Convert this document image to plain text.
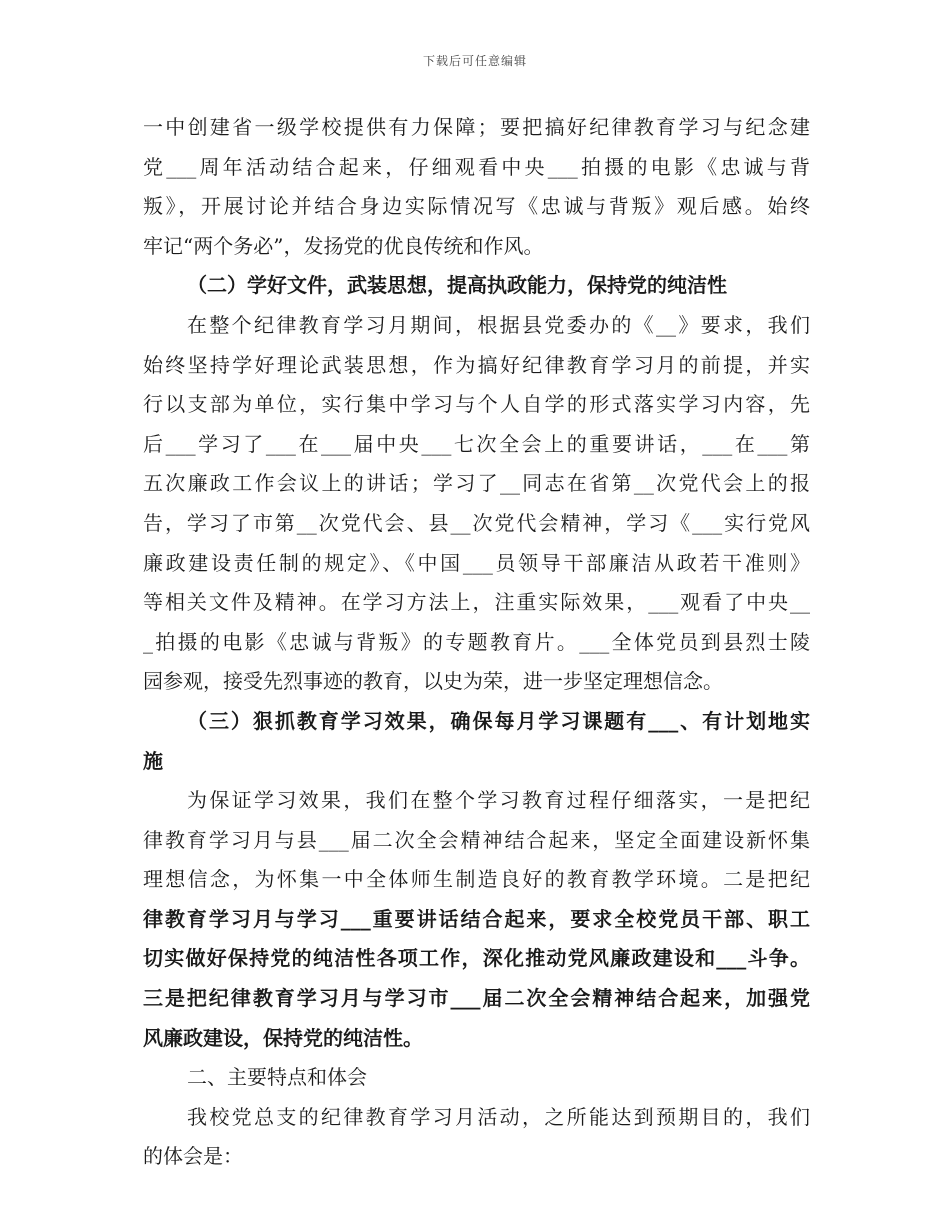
下载后可任意编辑
一中创建省一级学校提供有力保障；要把搞好纪律教育学习与纪念建
党___周年活动结合起来，仔细观看中央___拍摄的电影《忠诚与背
叛》，开展讨论并结合身边实际情况写《忠诚与背叛》观后感。始终
牢记“两个务必”，发扬党的优良传统和作风。
（二）学好文件，武装思想，提高执政能力，保持党的纯洁性
在整个纪律教育学习月期间，根据县党委办的《__》要求，我们
始终坚持学好理论武装思想，作为搞好纪律教育学习月的前提，并实
行以支部为单位，实行集中学习与个人自学的形式落实学习内容，先
后___学习了___在___届中央___七次全会上的重要讲话，___在___第
五次廉政工作会议上的讲话；学习了__同志在省第__次党代会上的报
告，学习了市第__次党代会、县__次党代会精神，学习《___实行党风
廉政建设责任制的规定》、《中国___员领导干部廉洁从政若干准则》
等相关文件及精神。在学习方法上，注重实际效果，___观看了中央__
_拍摄的电影《忠诚与背叛》的专题教育片。___全体党员到县烈士陵
园参观，接受先烈事迹的教育，以史为荣，进一步坚定理想信念。
（三）狠抓教育学习效果，确保每月学习课题有___、有计划地实
施
为保证学习效果，我们在整个学习教育过程仔细落实，一是把纪
律教育学习月与县___届二次全会精神结合起来，坚定全面建设新怀集
理想信念，为怀集一中全体师生制造良好的教育教学环境。二是把纪
律教育学习月与学习___重要讲话结合起来，要求全校党员干部、职工
切实做好保持党的纯洁性各项工作，深化推动党风廉政建设和___斗争。
三是把纪律教育学习月与学习市___届二次全会精神结合起来，加强党
风廉政建设，保持党的纯洁性。
二、主要特点和体会
我校党总支的纪律教育学习月活动，之所能达到预期目的，我们
的体会是：
